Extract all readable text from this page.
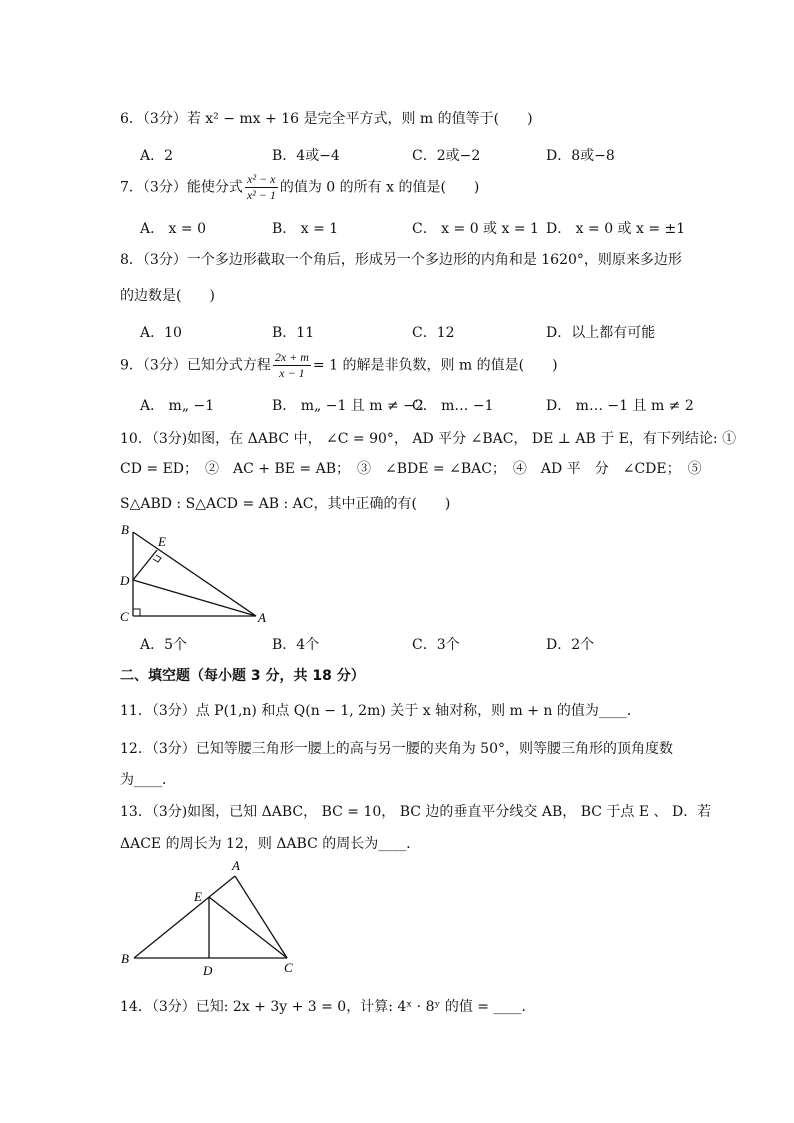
6．（3分）若 x² − mx + 16 是完全平方式，则 m 的值等于(　　)
A．2	B．4或−4	C．2或−2	D．8或−8
7．（3分）能使分式 $\frac{\text{x² − x}}{\text{x² − 1}}$ 的值为 0 的所有 x 的值是(　　)
A． x = 0	B． x = 1	C． x = 0 或 x = 1 D． x = 0 或 x = ±1
8．（3分）一个多边形截取一个角后，形成另一个多边形的内角和是 1620°，则原来多边形
的边数是(　　)
A．10	B．11	C．12	D．以上都有可能
9．（3分）已知分式方程 $\frac{2x + m}{x - 1} = 1$ 的解是非负数，则 m 的值是(　　)
A． m„ −1	B． m„ −1 且 m ≠ −2
C． m… −1	D． m… −1 且 m ≠ 2
10．（3分)如图，在 ΔABC 中， ∠C = 90°， AD 平分 ∠BAC， DE ⊥ AB 于 E，有下列结论: ①
CD = ED；　②　AC + BE = AB；　③　∠BDE = ∠BAC；　④　AD 平　分　∠CDE；　⑤
S△ABD : S△ACD = AB : AC，其中正确的有(　　)
B
E
D
C	A
A．5个	B．4个	C．3个	D．2个
二、填空题（每小题 3 分，共 18 分）
11．（3分）点 P(1,n) 和点 Q(n − 1, 2m) 关于 x 轴对称，则 m + n 的值为____．
12．（3分）已知等腰三角形一腰上的高与另一腰的夹角为 50°，则等腰三角形的顶角度数
为____．
13．（3分)如图，已知 ΔABC， BC = 10， BC 边的垂直平分线交 AB， BC 于点 E 、 D．若
ΔACE 的周长为 12，则 ΔABC 的周长为____．
A
E
B
D	C
14．（3分）已知: 2x + 3y + 3 = 0，计算: 4ˣ · 8ʸ 的值 = ____．
